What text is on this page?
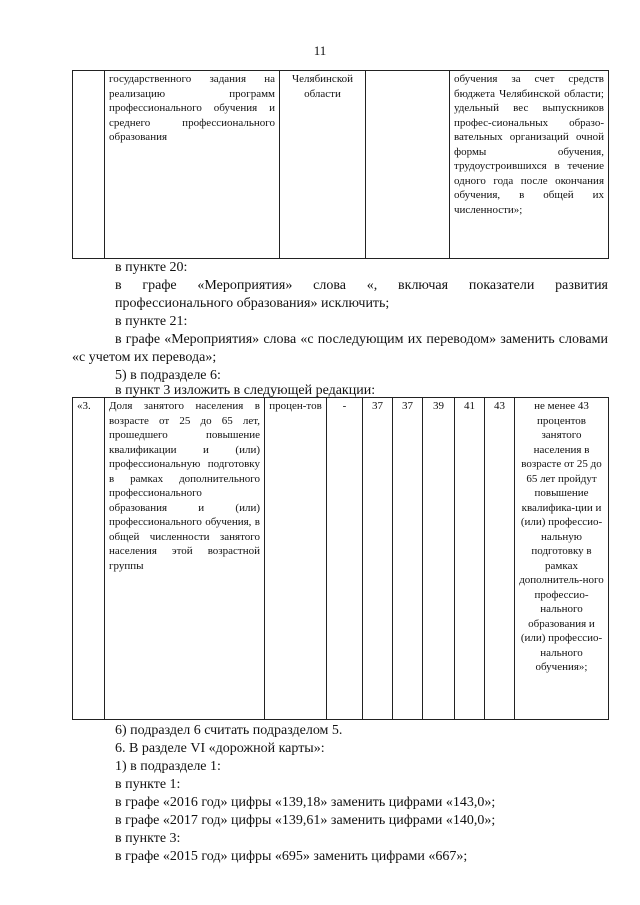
11
	государственного задания на реализацию программ профессионального обучения и среднего профессионального образования	Челябинской области		обучения за счет средств бюджета Челябинской области; удельный вес выпускников профес-сиональных образо-вательных организаций очной формы обучения, трудоустроившихся в течение одного года после окончания обучения, в общей их численности»;
в пункте 20:
в графе «Мероприятия» слова «, включая показатели развития профессионального образования» исключить;
в пункте 21:
в графе «Мероприятия» слова «с последующим их переводом» заменить словами «с учетом их перевода»;
5) в подразделе 6:
в пункт 3 изложить в следующей редакции:
«3.	Доля занятого населения в возрасте от 25 до 65 лет, прошедшего повышение квалификации и (или) профессиональную подготовку в рамках дополнительного профессионального образования и (или) профессионального обучения, в общей численности занятого населения этой возрастной группы	процен-тов	-	37	37	39	41	43	не менее 43 процентов занятого населения в возрасте от 25 до 65 лет пройдут повышение квалифика-ции и (или) профессио-нальную подготовку в рамках дополнитель-ного профессио-нального образования и (или) профессио-нального обучения»;
6) подраздел 6 считать подразделом 5.
6. В разделе VI «дорожной карты»:
1) в подразделе 1:
в пункте 1:
в графе «2016 год» цифры «139,18» заменить цифрами «143,0»;
в графе «2017 год» цифры «139,61» заменить цифрами «140,0»;
в пункте 3:
в графе «2015 год» цифры «695» заменить цифрами «667»;
